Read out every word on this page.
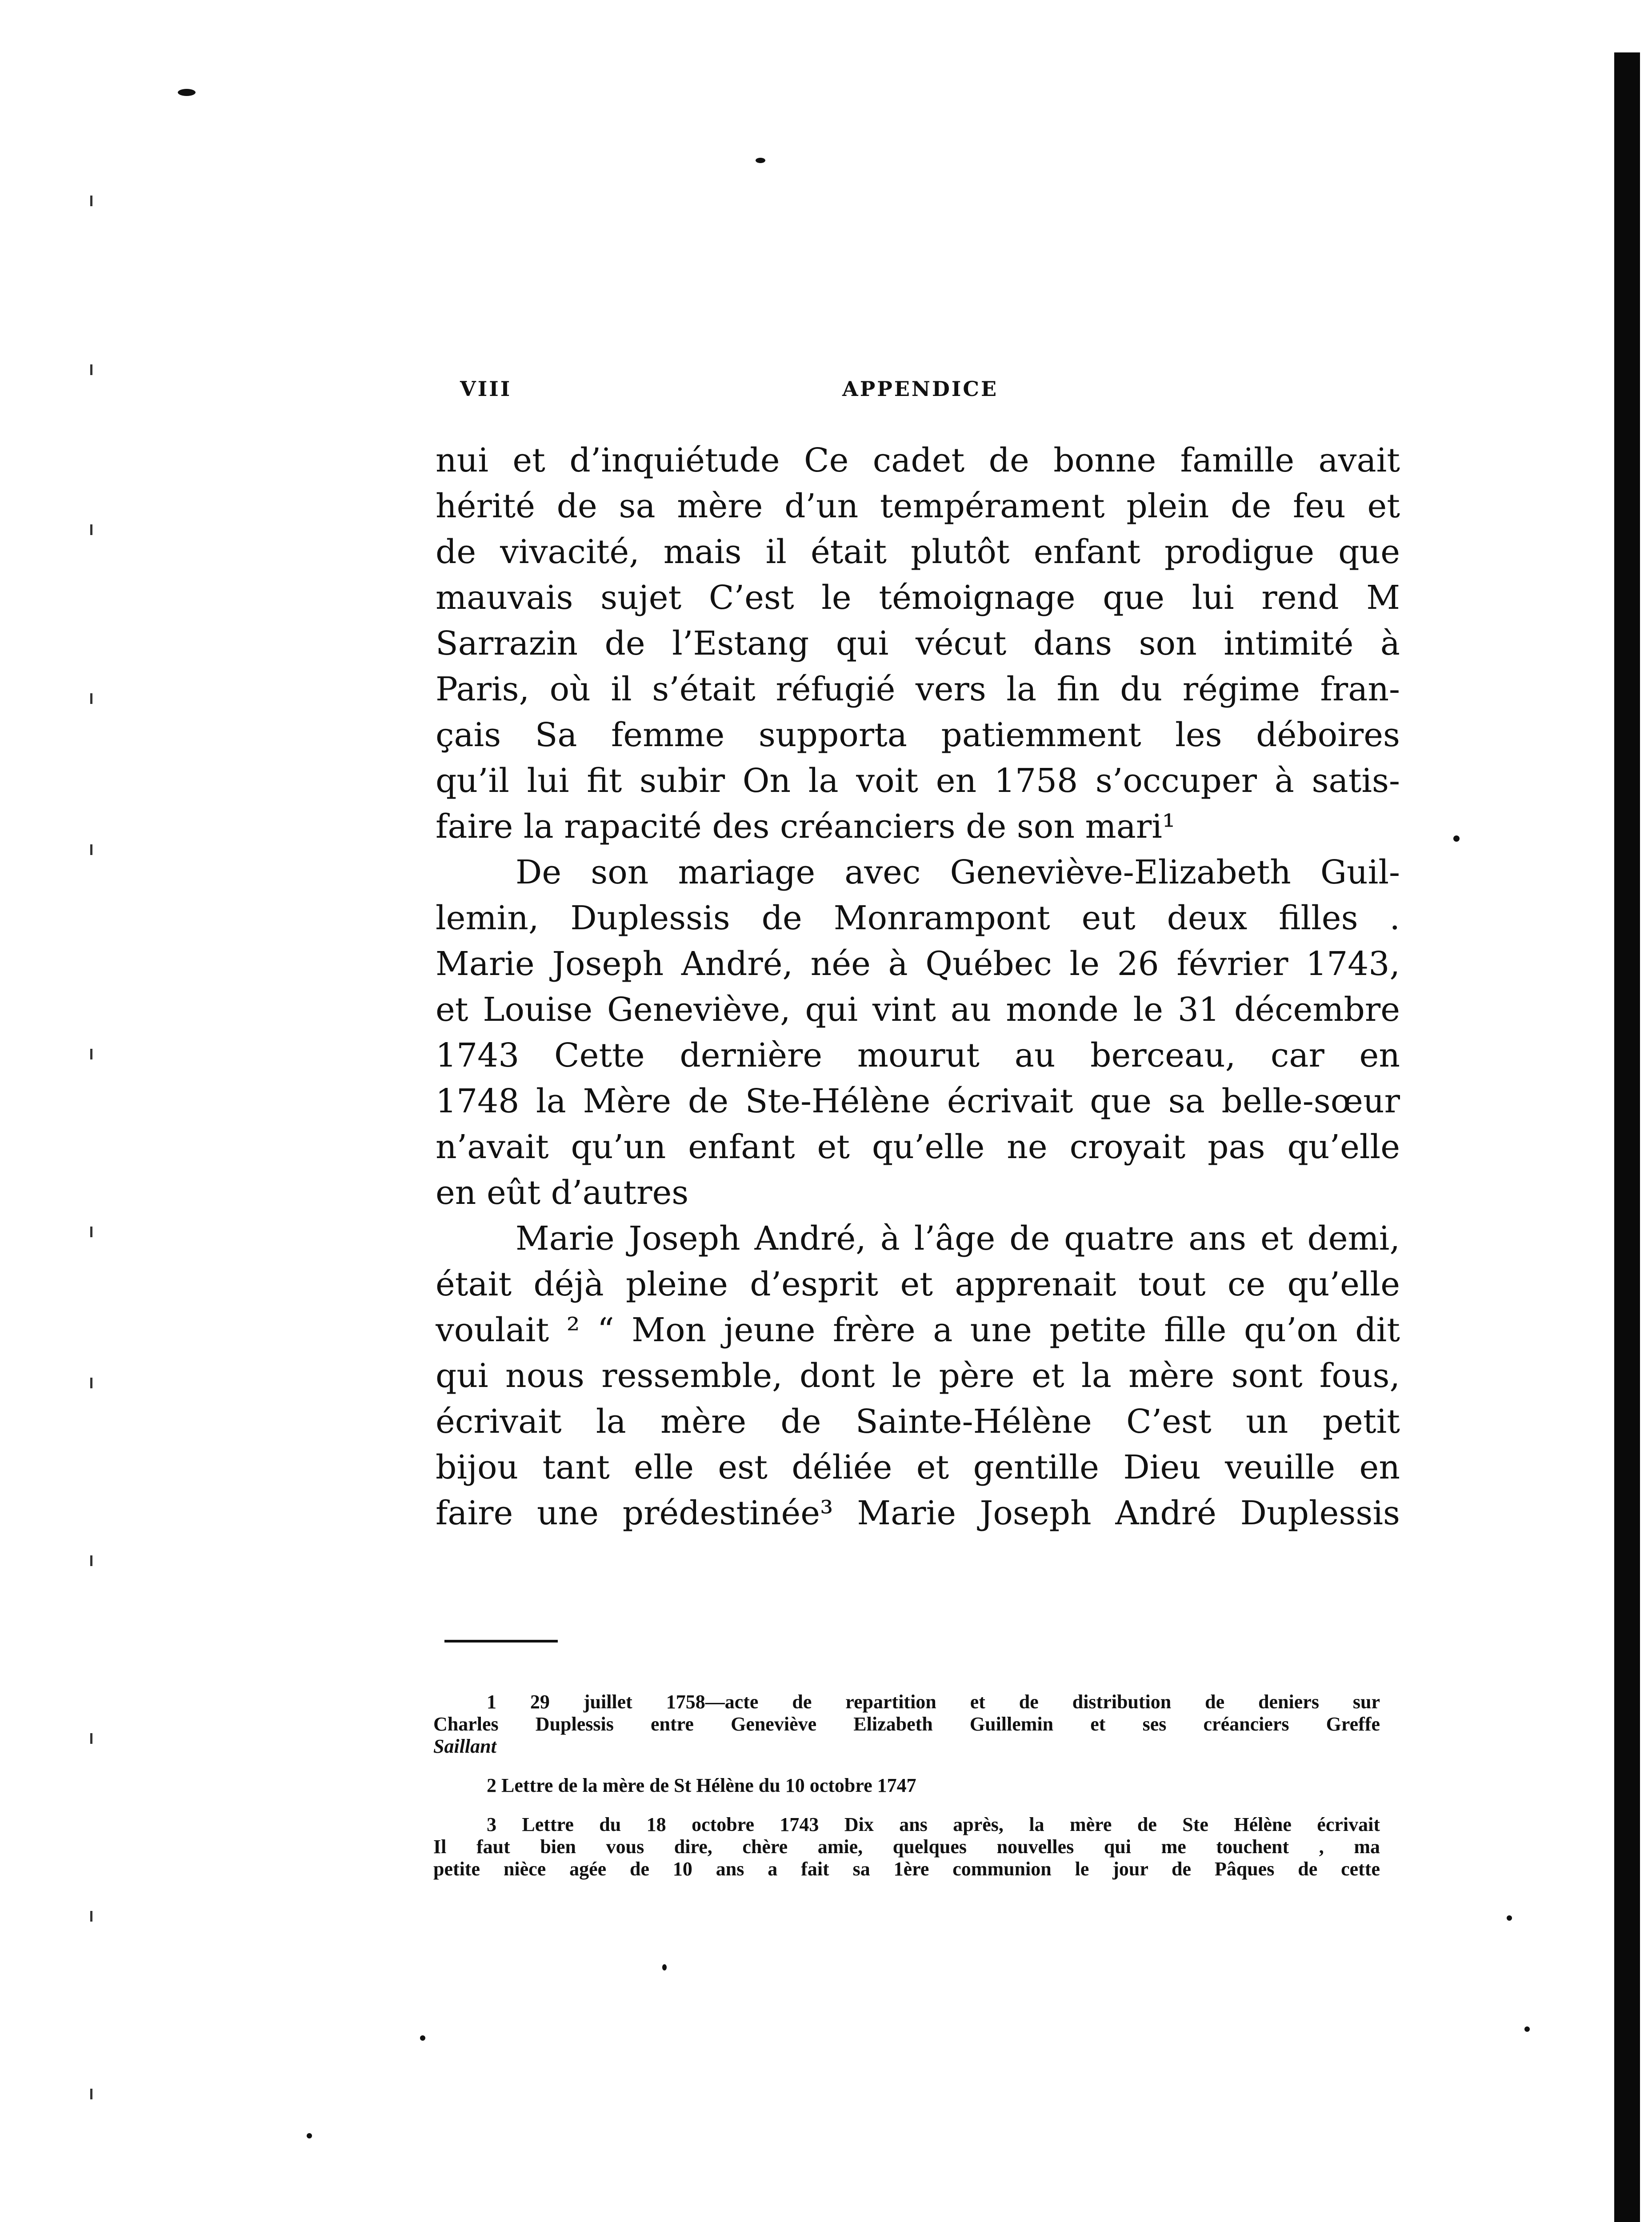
VIII	APPENDICE
nui et d’inquiétude Ce cadet de bonne famille avait
hérité de sa mère d’un tempérament plein de feu et
de vivacité, mais il était plutôt enfant prodigue que
mauvais sujet C’est le témoignage que lui rend M
Sarrazin de l’Estang qui vécut dans son intimité à
Paris, où il s’était réfugié vers la fin du régime fran-
çais Sa femme supporta patiemment les déboires
qu’il lui fit subir On la voit en 1758 s’occuper à satis-
faire la rapacité des créanciers de son mari¹
De son mariage avec Geneviève-Elizabeth Guil-
lemin, Duplessis de Monrampont eut deux filles .
Marie Joseph André, née à Québec le 26 février 1743,
et Louise Geneviève, qui vint au monde le 31 décembre
1743 Cette dernière mourut au berceau, car en
1748 la Mère de Ste-Hélène écrivait que sa belle-sœur
n’avait qu’un enfant et qu’elle ne croyait pas qu’elle
en eût d’autres
Marie Joseph André, à l’âge de quatre ans et demi,
était déjà pleine d’esprit et apprenait tout ce qu’elle
voulait ² “ Mon jeune frère a une petite fille qu’on dit
qui nous ressemble, dont le père et la mère sont fous,
écrivait la mère de Sainte-Hélène C’est un petit
bijou tant elle est déliée et gentille Dieu veuille en
faire une prédestinée³ Marie Joseph André Duplessis
1 29 juillet 1758—acte de repartition et de distribution de deniers sur
Charles Duplessis entre Geneviève Elizabeth Guillemin et ses créanciers Greffe
Saillant
2 Lettre de la mère de St Hélène du 10 octobre 1747
3 Lettre du 18 octobre 1743 Dix ans après, la mère de Ste Hélène écrivait
Il faut bien vous dire, chère amie, quelques nouvelles qui me touchent , ma
petite nièce agée de 10 ans a fait sa 1ère communion le jour de Pâques de cette
